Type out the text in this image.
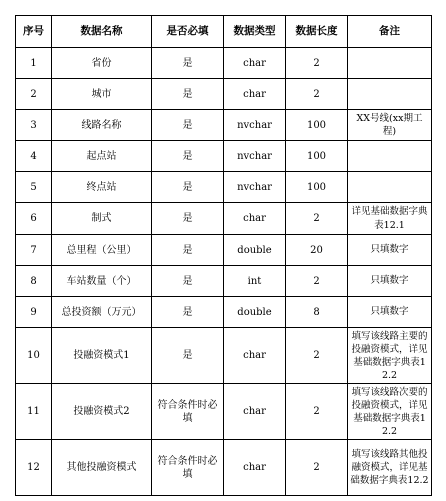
序号	数据名称	是否必填	数据类型	数据长度	备注
1	省份	是	char	2	
2	城市	是	char	2	
3	线路名称	是	nvchar	100	XX号线(xx期工程)
4	起点站	是	nvchar	100	
5	终点站	是	nvchar	100	
6	制式	是	char	2	详见基础数据字典表12.1
7	总里程（公里）	是	double	20	只填数字
8	车站数量（个）	是	int	2	只填数字
9	总投资额（万元）	是	double	8	只填数字
10	投融资模式1	是	char	2	填写该线路主要的投融资模式，详见基础数据字典表12.2
11	投融资模式2	符合条件时必填	char	2	填写该线路次要的投融资模式，详见基础数据字典表12.2
12	其他投融资模式	符合条件时必填	char	2	填写该线路其他投融资模式，详见基础数据字典表12.2
